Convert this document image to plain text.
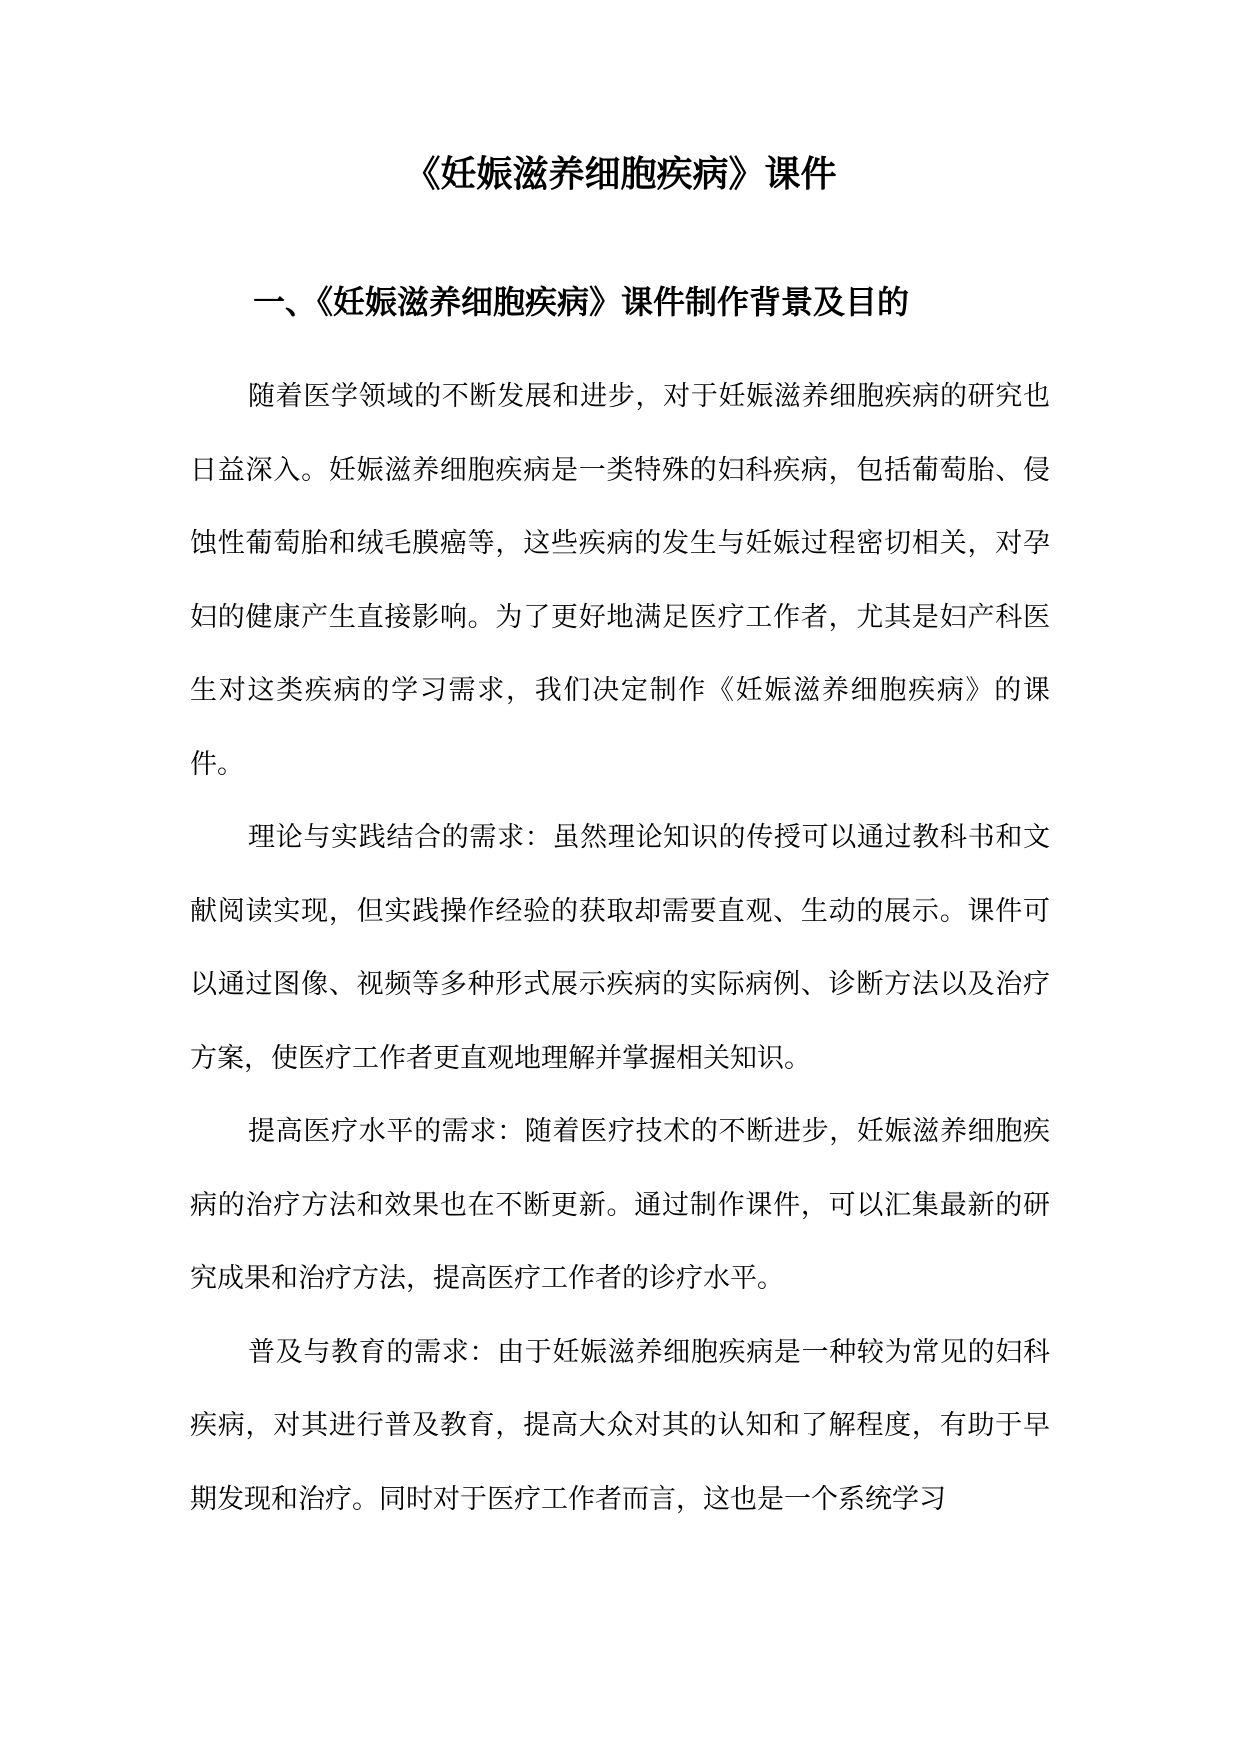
《妊娠滋养细胞疾病》课件
一、《妊娠滋养细胞疾病》课件制作背景及目的

随着医学领域的不断发展和进步，对于妊娠滋养细胞疾病的研究也日益深入。妊娠滋养细胞疾病是一类特殊的妇科疾病，包括葡萄胎、侵蚀性葡萄胎和绒毛膜癌等，这些疾病的发生与妊娠过程密切相关，对孕妇的健康产生直接影响。为了更好地满足医疗工作者，尤其是妇产科医生对这类疾病的学习需求，我们决定制作《妊娠滋养细胞疾病》的课件。

理论与实践结合的需求：虽然理论知识的传授可以通过教科书和文献阅读实现，但实践操作经验的获取却需要直观、生动的展示。课件可以通过图像、视频等多种形式展示疾病的实际病例、诊断方法以及治疗方案，使医疗工作者更直观地理解并掌握相关知识。

提高医疗水平的需求：随着医疗技术的不断进步，妊娠滋养细胞疾病的治疗方法和效果也在不断更新。通过制作课件，可以汇集最新的研究成果和治疗方法，提高医疗工作者的诊疗水平。

普及与教育的需求：由于妊娠滋养细胞疾病是一种较为常见的妇科疾病，对其进行普及教育，提高大众对其的认知和了解程度，有助于早期发现和治疗。同时对于医疗工作者而言，这也是一个系统学习
